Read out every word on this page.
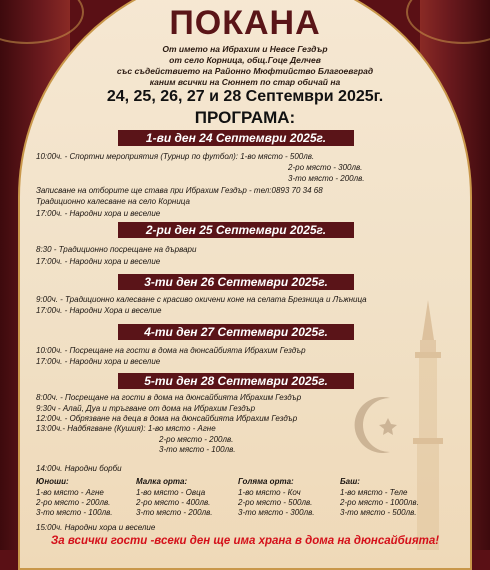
ПОКАНА
От името на Ибрахим и Невсе Гездър
от село Корница, общ.Гоце Делчев
със съдействието на Районно Мюфтийство Благоевград
каним всички на Сюннет по стар обичай на
24, 25, 26, 27 и 28 Септември 2025г.
ПРОГРАМА:
1-ви ден 24 Септември 2025г.
10:00ч. - Спортни мероприятия (Турнир по футбол): 1-во място - 500лв.
2-ро място - 300лв.
3-то място - 200лв.
Записване на отборите ще става при Ибрахим Гездър - тел:0893 70 34 68
Традиционно калесване на село Корница
17:00ч. - Народни хора и веселие
2-ри ден 25 Септември 2025г.
8:30 - Традиционно посрещане на дървари
17:00ч. - Народни хора и веселие
3-ти ден 26 Септември 2025г.
9:00ч. - Традиционно калесване с красиво окичени коне на селата Брезница и Лъжница
17:00ч. - Народни Хора и веселие
4-ти ден 27 Септември 2025г.
10:00ч. - Посрещане на гости в дома на дюнсайбията Ибрахим Гездър
17:00ч. - Народни хора и веселие
5-ти ден 28 Септември 2025г.
8:00ч. - Посрещане на гости в дома на дюнсайбията Ибрахим Гездър
9:30ч - Алай, Дуа и тръгване от дома на Ибрахим Гездър
12:00ч. - Обрязване на деца в дома на дюнсайбията Ибрахим Гездър
13:00ч.- Надбягване (Кушия): 1-во място - Агне
2-ро място - 200лв.
3-то място - 100лв.
14:00ч. Народни борби
Юноши:
1-во място - Агне
2-ро място - 200лв.
3-то място - 100лв.
Малка орта:
1-во място - Овца
2-ро място - 400лв.
3-то място - 200лв.
Голяма орта:
1-во място - Коч
2-ро място - 500лв.
3-то място - 300лв.
Баш:
1-во място - Теле
2-ро място - 1000лв.
3-то място - 500лв.
15:00ч. Народни хора и веселие
За всички гости -всеки ден ще има храна в дома на дюнсайбията!
